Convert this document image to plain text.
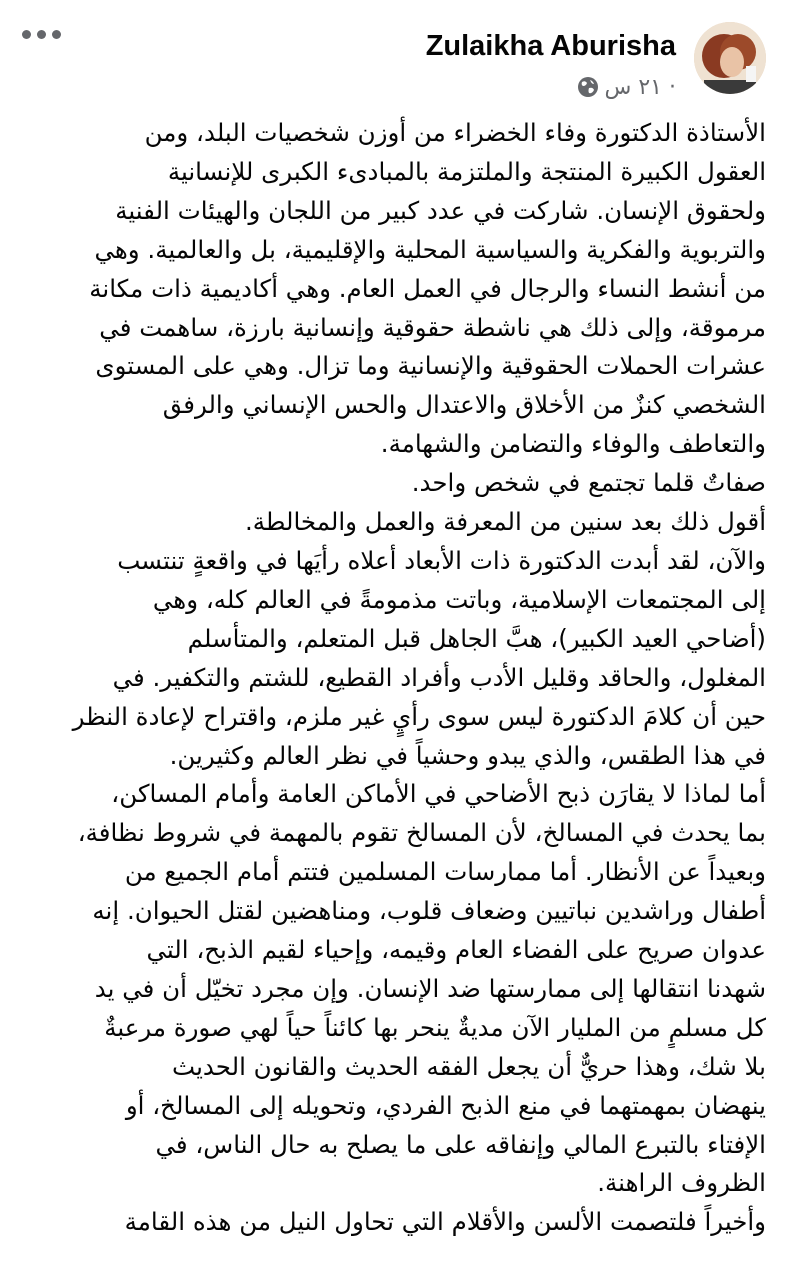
Zulaikha Aburisha
٢١ س ·
الأستاذة الدكتورة وفاء الخضراء من أوزن شخصيات البلد، ومن
العقول الكبيرة المنتجة والملتزمة بالمبادىء الكبرى للإنسانية
ولحقوق الإنسان. شاركت في عدد كبير من اللجان والهيئات الفنية
والتربوية والفكرية والسياسية المحلية والإقليمية، بل والعالمية. وهي
من أنشط النساء والرجال في العمل العام. وهي أكاديمية ذات مكانة
مرموقة، وإلى ذلك هي ناشطة حقوقية وإنسانية بارزة، ساهمت في
عشرات الحملات الحقوقية والإنسانية وما تزال. وهي على المستوى
الشخصي كنزٌ من الأخلاق والاعتدال والحس الإنساني والرفق
والتعاطف والوفاء والتضامن والشهامة.
صفاتٌ قلما تجتمع في شخص واحد.
أقول ذلك بعد سنين من المعرفة والعمل والمخالطة.
والآن، لقد أبدت الدكتورة ذات الأبعاد أعلاه رأيَها في واقعةٍ تنتسب
إلى المجتمعات الإسلامية، وباتت مذمومةً في العالم كله، وهي
(أضاحي العيد الكبير)، هبَّ الجاهل قبل المتعلم، والمتأسلم
المغلول، والحاقد وقليل الأدب وأفراد القطيع، للشتم والتكفير. في
حين أن كلامَ الدكتورة ليس سوى رأيٍ غير ملزم، واقتراح لإعادة النظر
في هذا الطقس، والذي يبدو وحشياً في نظر العالم وكثيرين.
أما لماذا لا يقارَن ذبح الأضاحي في الأماكن العامة وأمام المساكن،
بما يحدث في المسالخ، لأن المسالخ تقوم بالمهمة في شروط نظافة،
وبعيداً عن الأنظار. أما ممارسات المسلمين فتتم أمام الجميع من
أطفال وراشدين نباتيين وضعاف قلوب، ومناهضين لقتل الحيوان. إنه
عدوان صريح على الفضاء العام وقيمه، وإحياء لقيم الذبح، التي
شهدنا انتقالها إلى ممارستها ضد الإنسان. وإن مجرد تخيّل أن في يد
كل مسلمٍ من المليار الآن مديةٌ ينحر بها كائناً حياً لهي صورة مرعبةٌ
بلا شك، وهذا حريٌّ أن يجعل الفقه الحديث والقانون الحديث
ينهضان بمهمتهما في منع الذبح الفردي، وتحويله إلى المسالخ، أو
الإفتاء بالتبرع المالي وإنفاقه على ما يصلح به حال الناس، في
الظروف الراهنة.
وأخيراً فلتصمت الألسن والأقلام التي تحاول النيل من هذه القامة
